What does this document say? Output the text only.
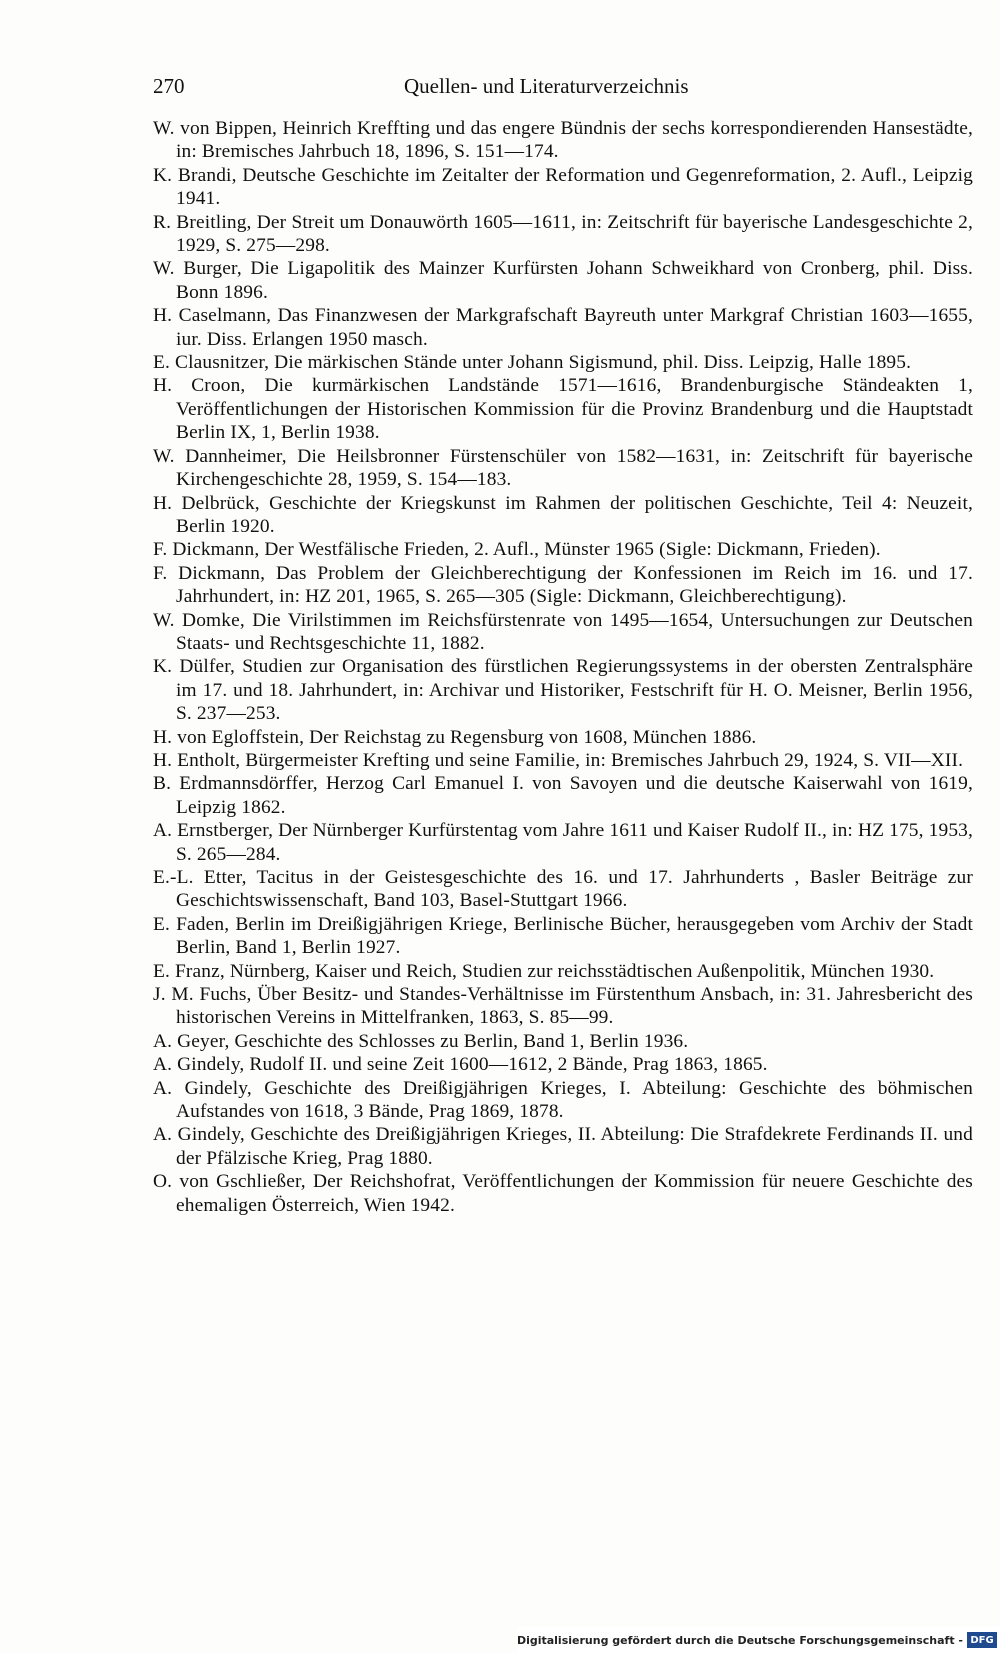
270	Quellen- und Literaturverzeichnis

W. von Bippen, Heinrich Kreffting und das engere Bündnis der sechs korrespondierenden Hansestädte, in: Bremisches Jahrbuch 18, 1896, S. 151—174.

K. Brandi, Deutsche Geschichte im Zeitalter der Reformation und Gegenreformation, 2. Aufl., Leipzig 1941.

R. Breitling, Der Streit um Donauwörth 1605—1611, in: Zeitschrift für bayerische Landesgeschichte 2, 1929, S. 275—298.

W. Burger, Die Ligapolitik des Mainzer Kurfürsten Johann Schweikhard von Cronberg, phil. Diss. Bonn 1896.

H. Caselmann, Das Finanzwesen der Markgrafschaft Bayreuth unter Markgraf Christian 1603—1655, iur. Diss. Erlangen 1950 masch.

E. Clausnitzer, Die märkischen Stände unter Johann Sigismund, phil. Diss. Leipzig, Halle 1895.

H. Croon, Die kurmärkischen Landstände 1571—1616, Brandenburgische Ständeakten 1, Veröffentlichungen der Historischen Kommission für die Provinz Brandenburg und die Hauptstadt Berlin IX, 1, Berlin 1938.

W. Dannheimer, Die Heilsbronner Fürstenschüler von 1582—1631, in: Zeitschrift für bayerische Kirchengeschichte 28, 1959, S. 154—183.

H. Delbrück, Geschichte der Kriegskunst im Rahmen der politischen Geschichte, Teil 4: Neuzeit, Berlin 1920.

F. Dickmann, Der Westfälische Frieden, 2. Aufl., Münster 1965 (Sigle: Dickmann, Frieden).

F. Dickmann, Das Problem der Gleichberechtigung der Konfessionen im Reich im 16. und 17. Jahrhundert, in: HZ 201, 1965, S. 265—305 (Sigle: Dickmann, Gleichberechtigung).

W. Domke, Die Virilstimmen im Reichsfürstenrate von 1495—1654, Untersuchungen zur Deutschen Staats- und Rechtsgeschichte 11, 1882.

K. Dülfer, Studien zur Organisation des fürstlichen Regierungssystems in der obersten Zentralsphäre im 17. und 18. Jahrhundert, in: Archivar und Historiker, Festschrift für H. O. Meisner, Berlin 1956, S. 237—253.

H. von Egloffstein, Der Reichstag zu Regensburg von 1608, München 1886.

H. Entholt, Bürgermeister Krefting und seine Familie, in: Bremisches Jahrbuch 29, 1924, S. VII—XII.

B. Erdmannsdörffer, Herzog Carl Emanuel I. von Savoyen und die deutsche Kaiserwahl von 1619, Leipzig 1862.

A. Ernstberger, Der Nürnberger Kurfürstentag vom Jahre 1611 und Kaiser Rudolf II., in: HZ 175, 1953, S. 265—284.

E.-L. Etter, Tacitus in der Geistesgeschichte des 16. und 17. Jahrhunderts , Basler Beiträge zur Geschichtswissenschaft, Band 103, Basel-Stuttgart 1966.

E. Faden, Berlin im Dreißigjährigen Kriege, Berlinische Bücher, herausgegeben vom Archiv der Stadt Berlin, Band 1, Berlin 1927.

E. Franz, Nürnberg, Kaiser und Reich, Studien zur reichsstädtischen Außenpolitik, München 1930.

J. M. Fuchs, Über Besitz- und Standes-Verhältnisse im Fürstenthum Ansbach, in: 31. Jahresbericht des historischen Vereins in Mittelfranken, 1863, S. 85—99.

A. Geyer, Geschichte des Schlosses zu Berlin, Band 1, Berlin 1936.

A. Gindely, Rudolf II. und seine Zeit 1600—1612, 2 Bände, Prag 1863, 1865.

A. Gindely, Geschichte des Dreißigjährigen Krieges, I. Abteilung: Geschichte des böhmischen Aufstandes von 1618, 3 Bände, Prag 1869, 1878.

A. Gindely, Geschichte des Dreißigjährigen Krieges, II. Abteilung: Die Strafdekrete Ferdinands II. und der Pfälzische Krieg, Prag 1880.

O. von Gschließer, Der Reichshofrat, Veröffentlichungen der Kommission für neuere Geschichte des ehemaligen Österreich, Wien 1942.

Digitalisierung gefördert durch die Deutsche Forschungsgemeinschaft - DFG
